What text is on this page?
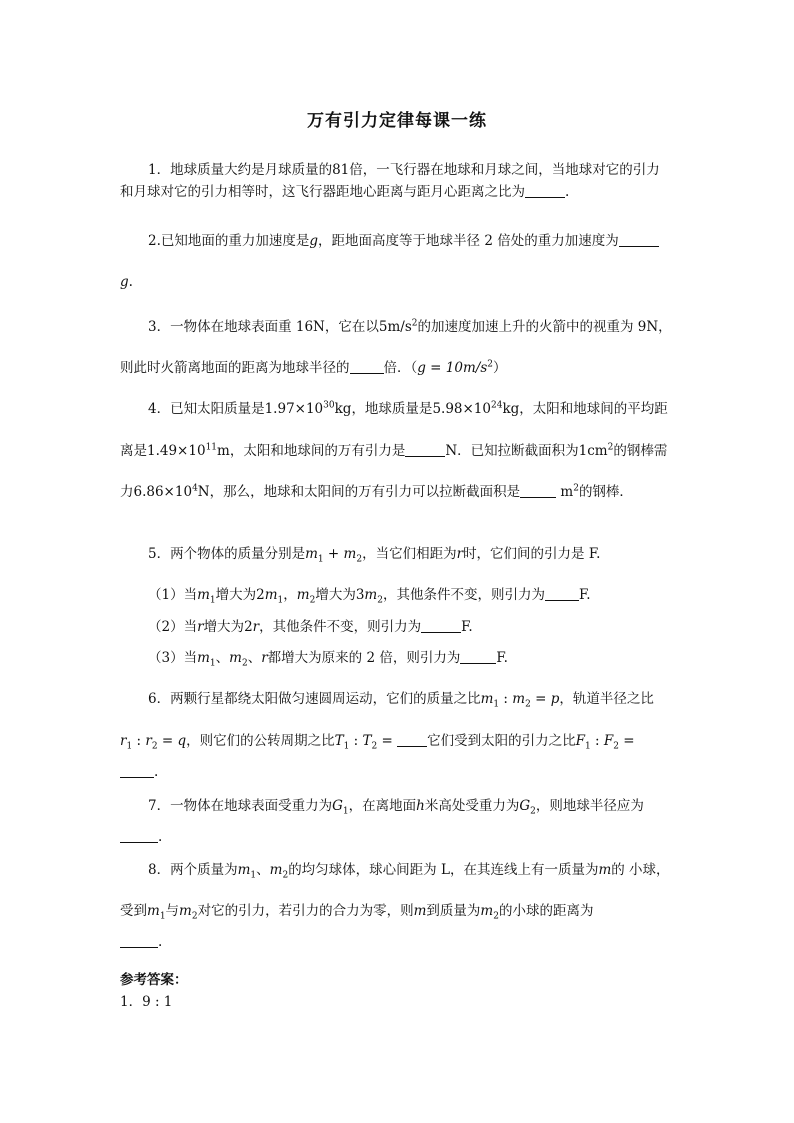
万有引力定律每课一练
1．地球质量大约是月球质量的81倍，一飞行器在地球和月球之间，当地球对它的引力
和月球对它的引力相等时，这飞行器距地心距离与距月心距离之比为	.
2.已知地面的重力加速度是g，距地面高度等于地球半径 2 倍处的重力加速度为
g.
3．一物体在地球表面重 16N，它在以$5m/s^2$的加速度加速上升的火箭中的视重为 9N，
则此时火箭离地面的距离为地球半径的	倍．$(g = 10m/s^2)$
4．已知太阳质量是$1.97\times 10^{30}kg$，地球质量是$5.98\times 10^{24}kg$，太阳和地球间的平均距
离是$1.49\times 10^{11}m$，太阳和地球间的万有引力是	N．已知拉断截面积为$1cm^2$的钢棒需
力$6.86\times 10^4N$，那么，地球和太阳间的万有引力可以拉断截面积是	$m^2$的钢棒．
5．两个物体的质量分别是$m_1 + m_2$，当它们相距为r时，它们间的引力是 F.
（1）当$m_1$增大为$2m_1$，$m_2$增大为$3m_2$，其他条件不变，则引力为	F.
（2）当r增大为2r，其他条件不变，则引力为	F.
（3）当$m_1$、$m_2$、r都增大为原来的 2 倍，则引力为	F.
6．两颗行星都绕太阳做匀速圆周运动，它们的质量之比$m_1$ : $m_2 = p$，轨道半径之比
$r_1$ : $r_2 = q$，则它们的公转周期之比$T_1$ : $T_2$ = 它们受到太阳的引力之比$F_1$ : $F_2$ =
.
7．一物体在地球表面受重力为$G_1$，在离地面h米高处受重力为$G_2$，则地球半径应为
.
8．两个质量为$m_1$、$m_2$的均匀球体，球心间距为 L，在其连线上有一质量为m的 小球，
受到$m_1$与$m_2$对它的引力，若引力的合力为零，则m到质量为$m_2$的小球的距离为
.
参考答案：
1．9 : 1
